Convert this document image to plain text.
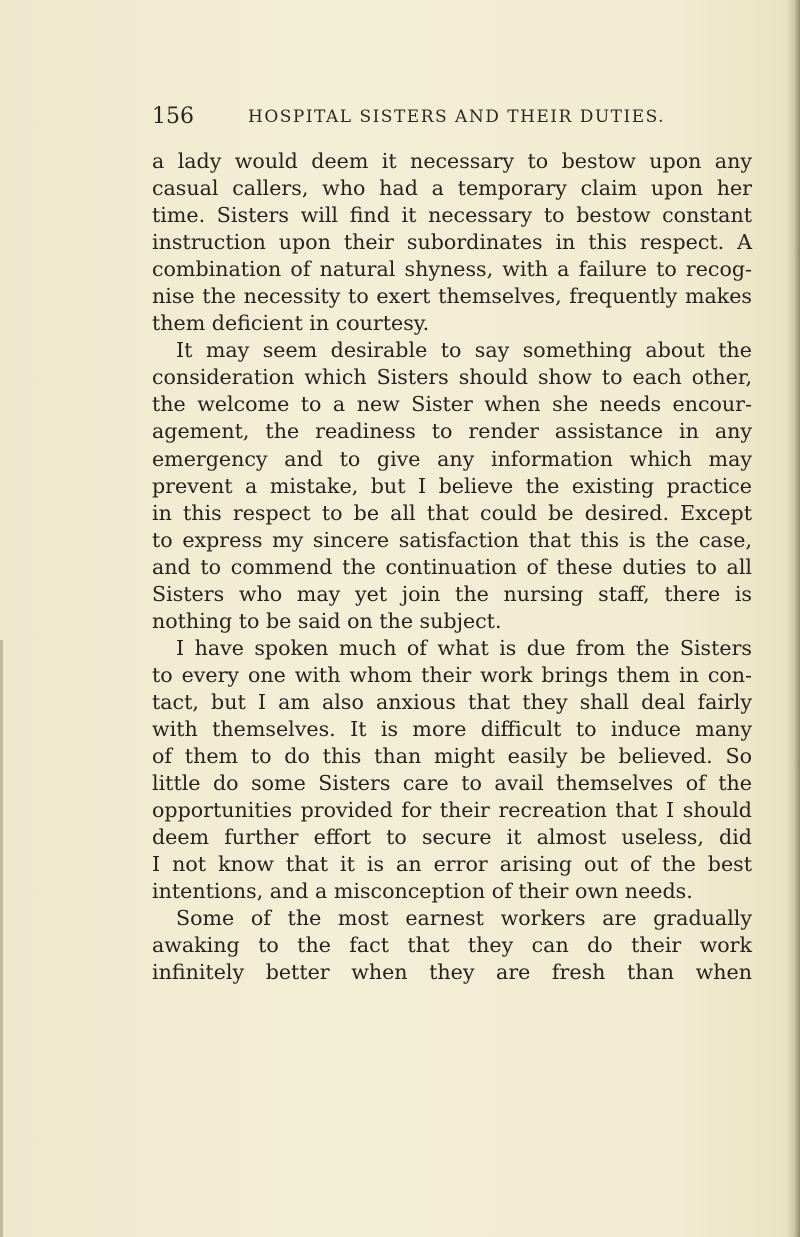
156	HOSPITAL SISTERS AND THEIR DUTIES.
a lady would deem it necessary to bestow upon any
casual callers, who had a temporary claim upon her
time. Sisters will find it necessary to bestow constant
instruction upon their subordinates in this respect. A
combination of natural shyness, with a failure to recog-
nise the necessity to exert themselves, frequently makes
them deficient in courtesy.
It may seem desirable to say something about the
consideration which Sisters should show to each other,
the welcome to a new Sister when she needs encour-
agement, the readiness to render assistance in any
emergency and to give any information which may
prevent a mistake, but I believe the existing practice
in this respect to be all that could be desired. Except
to express my sincere satisfaction that this is the case,
and to commend the continuation of these duties to all
Sisters who may yet join the nursing staff, there is
nothing to be said on the subject.
I have spoken much of what is due from the Sisters
to every one with whom their work brings them in con-
tact, but I am also anxious that they shall deal fairly
with themselves. It is more difficult to induce many
of them to do this than might easily be believed. So
little do some Sisters care to avail themselves of the
opportunities provided for their recreation that I should
deem further effort to secure it almost useless, did
I not know that it is an error arising out of the best
intentions, and a misconception of their own needs.
Some of the most earnest workers are gradually
awaking to the fact that they can do their work
infinitely better when they are fresh than when
